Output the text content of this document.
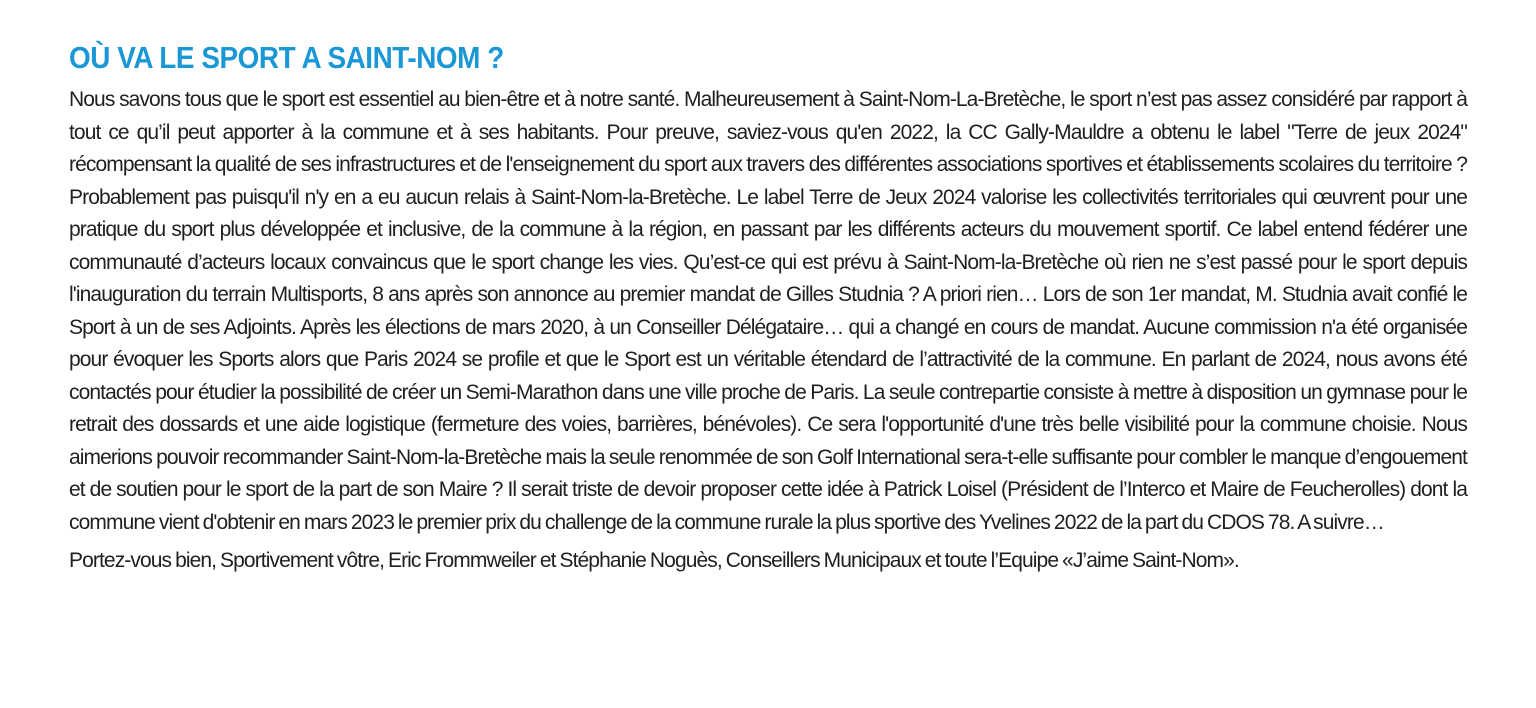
OÙ VA LE SPORT A SAINT-NOM ?

Nous savons tous que le sport est essentiel au bien-être et à notre santé. Malheureusement à Saint-Nom-La-Bretèche, le sport n’est pas assez considéré par rapport à tout ce qu’il peut apporter à la commune et à ses habitants. Pour preuve, saviez-vous qu'en 2022, la CC Gally-Mauldre a obtenu le label "Terre de jeux 2024" récompensant la qualité de ses infrastructures et de l'enseignement du sport aux travers des différentes associations sportives et établissements scolaires du territoire ? Probablement pas puisqu'il n'y en a eu aucun relais à Saint-Nom-la-Bretèche. Le label Terre de Jeux 2024 valorise les collectivités territoriales qui œuvrent pour une pratique du sport plus développée et inclusive, de la commune à la région, en passant par les différents acteurs du mouvement sportif. Ce label entend fédérer une communauté d’acteurs locaux convaincus que le sport change les vies. Qu’est-ce qui est prévu à Saint-Nom-la-Bretèche où rien ne s’est passé pour le sport depuis l'inauguration du terrain Multisports, 8 ans après son annonce au premier mandat de Gilles Studnia ? A priori rien… Lors de son 1er mandat, M. Studnia avait confié le Sport à un de ses Adjoints. Après les élections de mars 2020, à un Conseiller Délégataire… qui a changé en cours de mandat. Aucune commission n'a été organisée pour évoquer les Sports alors que Paris 2024 se profile et que le Sport est un véritable étendard de l’attractivité de la commune. En parlant de 2024, nous avons été contactés pour étudier la possibilité de créer un Semi-Marathon dans une ville proche de Paris. La seule contrepartie consiste à mettre à disposition un gymnase pour le retrait des dossards et une aide logistique (fermeture des voies, barrières, bénévoles). Ce sera l'opportunité d'une très belle visibilité pour la commune choisie. Nous aimerions pouvoir recommander Saint-Nom-la-Bretèche mais la seule renommée de son Golf International sera-t-elle suffisante pour combler le manque d’engouement et de soutien pour le sport de la part de son Maire ? Il serait triste de devoir proposer cette idée à Patrick Loisel (Président de l’Interco et Maire de Feucherolles) dont la commune vient d'obtenir en mars 2023 le premier prix du challenge de la commune rurale la plus sportive des Yvelines 2022 de la part du CDOS 78. A suivre…

Portez-vous bien, Sportivement vôtre, Eric Frommweiler et Stéphanie Noguès, Conseillers Municipaux et toute l’Equipe «J’aime Saint-Nom».
